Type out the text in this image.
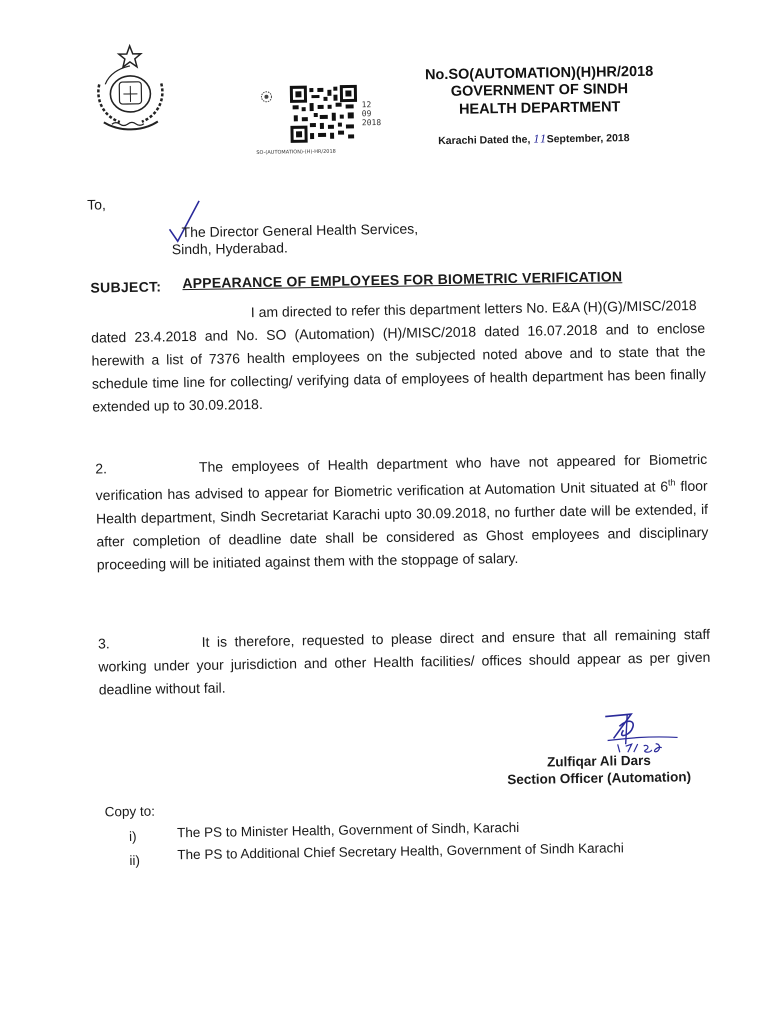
12
09
2018
SO-(AUTOMATION)-(H)-HR/2018
No.SO(AUTOMATION)(H)HR/2018
GOVERNMENT OF SINDH
HEALTH DEPARTMENT
Karachi Dated the, 11September, 2018
To,
The Director General Health Services,
Sindh, Hyderabad.
SUBJECT: APPEARANCE OF EMPLOYEES FOR BIOMETRIC VERIFICATION
I am directed to refer this department letters No. E&A (H)(G)/MISC/2018
dated 23.4.2018 and No. SO (Automation) (H)/MISC/2018 dated 16.07.2018 and to enclose herewith a list of 7376 health employees on the subjected noted above and to state that the schedule time line for collecting/ verifying data of employees of health department has been finally extended up to 30.09.2018.
2.	The employees of Health department who have not appeared for Biometric verification has advised to appear for Biometric verification at Automation Unit situated at 6th floor Health department, Sindh Secretariat Karachi upto 30.09.2018, no further date will be extended, if after completion of deadline date shall be considered as Ghost employees and disciplinary proceeding will be initiated against them with the stoppage of salary.
3.	It is therefore, requested to please direct and ensure that all remaining staff working under your jurisdiction and other Health facilities/ offices should appear as per given deadline without fail.
Zulfiqar Ali Dars
Section Officer (Automation)
Copy to:
i)	The PS to Minister Health, Government of Sindh, Karachi
ii)	The PS to Additional Chief Secretary Health, Government of Sindh Karachi
